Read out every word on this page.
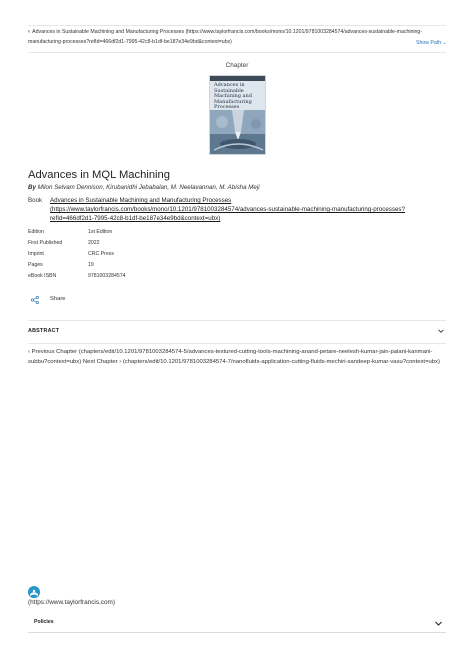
‹ Advances in Sustainable Machining and Manufacturing Processes (https://www.taylorfrancis.com/books/mono/10.1201/9781003284574/advances-sustainable-machining-manufacturing-processes?refId=466df2d1-7995-42c8-b1df-be187e34e9bd&context=ubx)	Show Path ⌄
Chapter
Advances in Sustainable Machining and Manufacturing Processes
Advances in MQL Machining
By Milon Selvam Dennison, Kirubanidhi Jebabalan, M. Neelavannan, M. Abisha Meji
Book Advances in Sustainable Machining and Manufacturing Processes (https://www.taylorfrancis.com/books/mono/10.1201/9781003284574/advances-sustainable-machining-manufacturing-processes?refId=466df2d1-7995-42c8-b1df-be187e34e9bd&context=ubx)
Edition	1st Edition
First Published	2022
Imprint	CRC Press
Pages	19
eBook ISBN	9781003284574
Share
ABSTRACT
‹ Previous Chapter (chapters/edit/10.1201/9781003284574-5/advances-textured-cutting-tools-machining-anand-petare-neelesh-kumar-jain-palani-kanmani-subbu?context=ubx) Next Chapter › (chapters/edit/10.1201/9781003284574-7/nanofluids-application-cutting-fluids-mechiri-sandeep-kumar-vasu?context=ubx)
(https://www.taylorfrancis.com)
Policies
